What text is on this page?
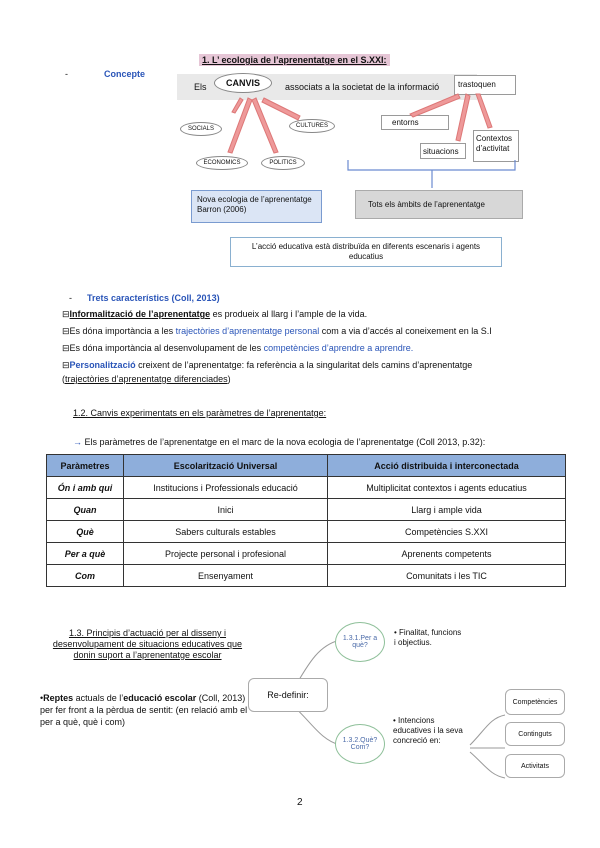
1. L’ ecologia de l’aprenentatge en el S.XXI:
-	Concepte
Els	CANVIS	associats a la societat de la informació	trastoquen
entorns
situacions
Contextos d’activitat
SOCIALS	CULTURES
ECONOMICS	POLITICS
Nova ecologia de l’aprenentatge Barron (2006)
Tots els àmbits de l’aprenentatge
L’acció educativa està distribuïda en diferents escenaris i agents educatius
- Trets característics (Coll, 2013)
⊟Informalització de l’aprenentatge es produeix al llarg i l’ample de la vida.
⊟Es dóna importància a les trajectòries d’aprenentatge personal com a via d’accés al coneixement en la S.I
⊟Es dóna importància al desenvolupament de les competències d’aprendre a aprendre.
⊟Personalització creixent de l’aprenentatge: fa referència a la singularitat dels camins d’aprenentatge
(trajectòries d’aprenentatge diferenciades)
1.2. Canvis experimentats en els paràmetres de l’aprenentatge:
→ Els paràmetres de l’aprenentatge en el marc de la nova ecologia de l’aprenentatge (Coll 2013, p.32):
Paràmetres	Escolarització Universal	Acció distribuida i interconectada
Ón i amb qui	Institucions i Professionals educació	Multiplicitat contextos i agents educatius
Quan	Inici	Llarg i ample vida
Què	Sabers culturals estables	Competències S.XXI
Per a què	Projecte personal i profesional	Aprenents competents
Com	Ensenyament	Comunitats i les TIC
1.3. Principis d’actuació per al disseny i desenvolupament de situacions educatives que donin suport a l’aprenentatge escolar
•Reptes actuals de l’educació escolar (Coll, 2013) per fer front a la pèrdua de sentit: (en relació amb el per a què, què i com)
Re-definir:
1.3.1.Per a què?
• Finalitat, funcions i objectius.
1.3.2.Què? Com?
• Intencions educatives i la seva concreció en:
Competències
Continguts
Activitats
2
